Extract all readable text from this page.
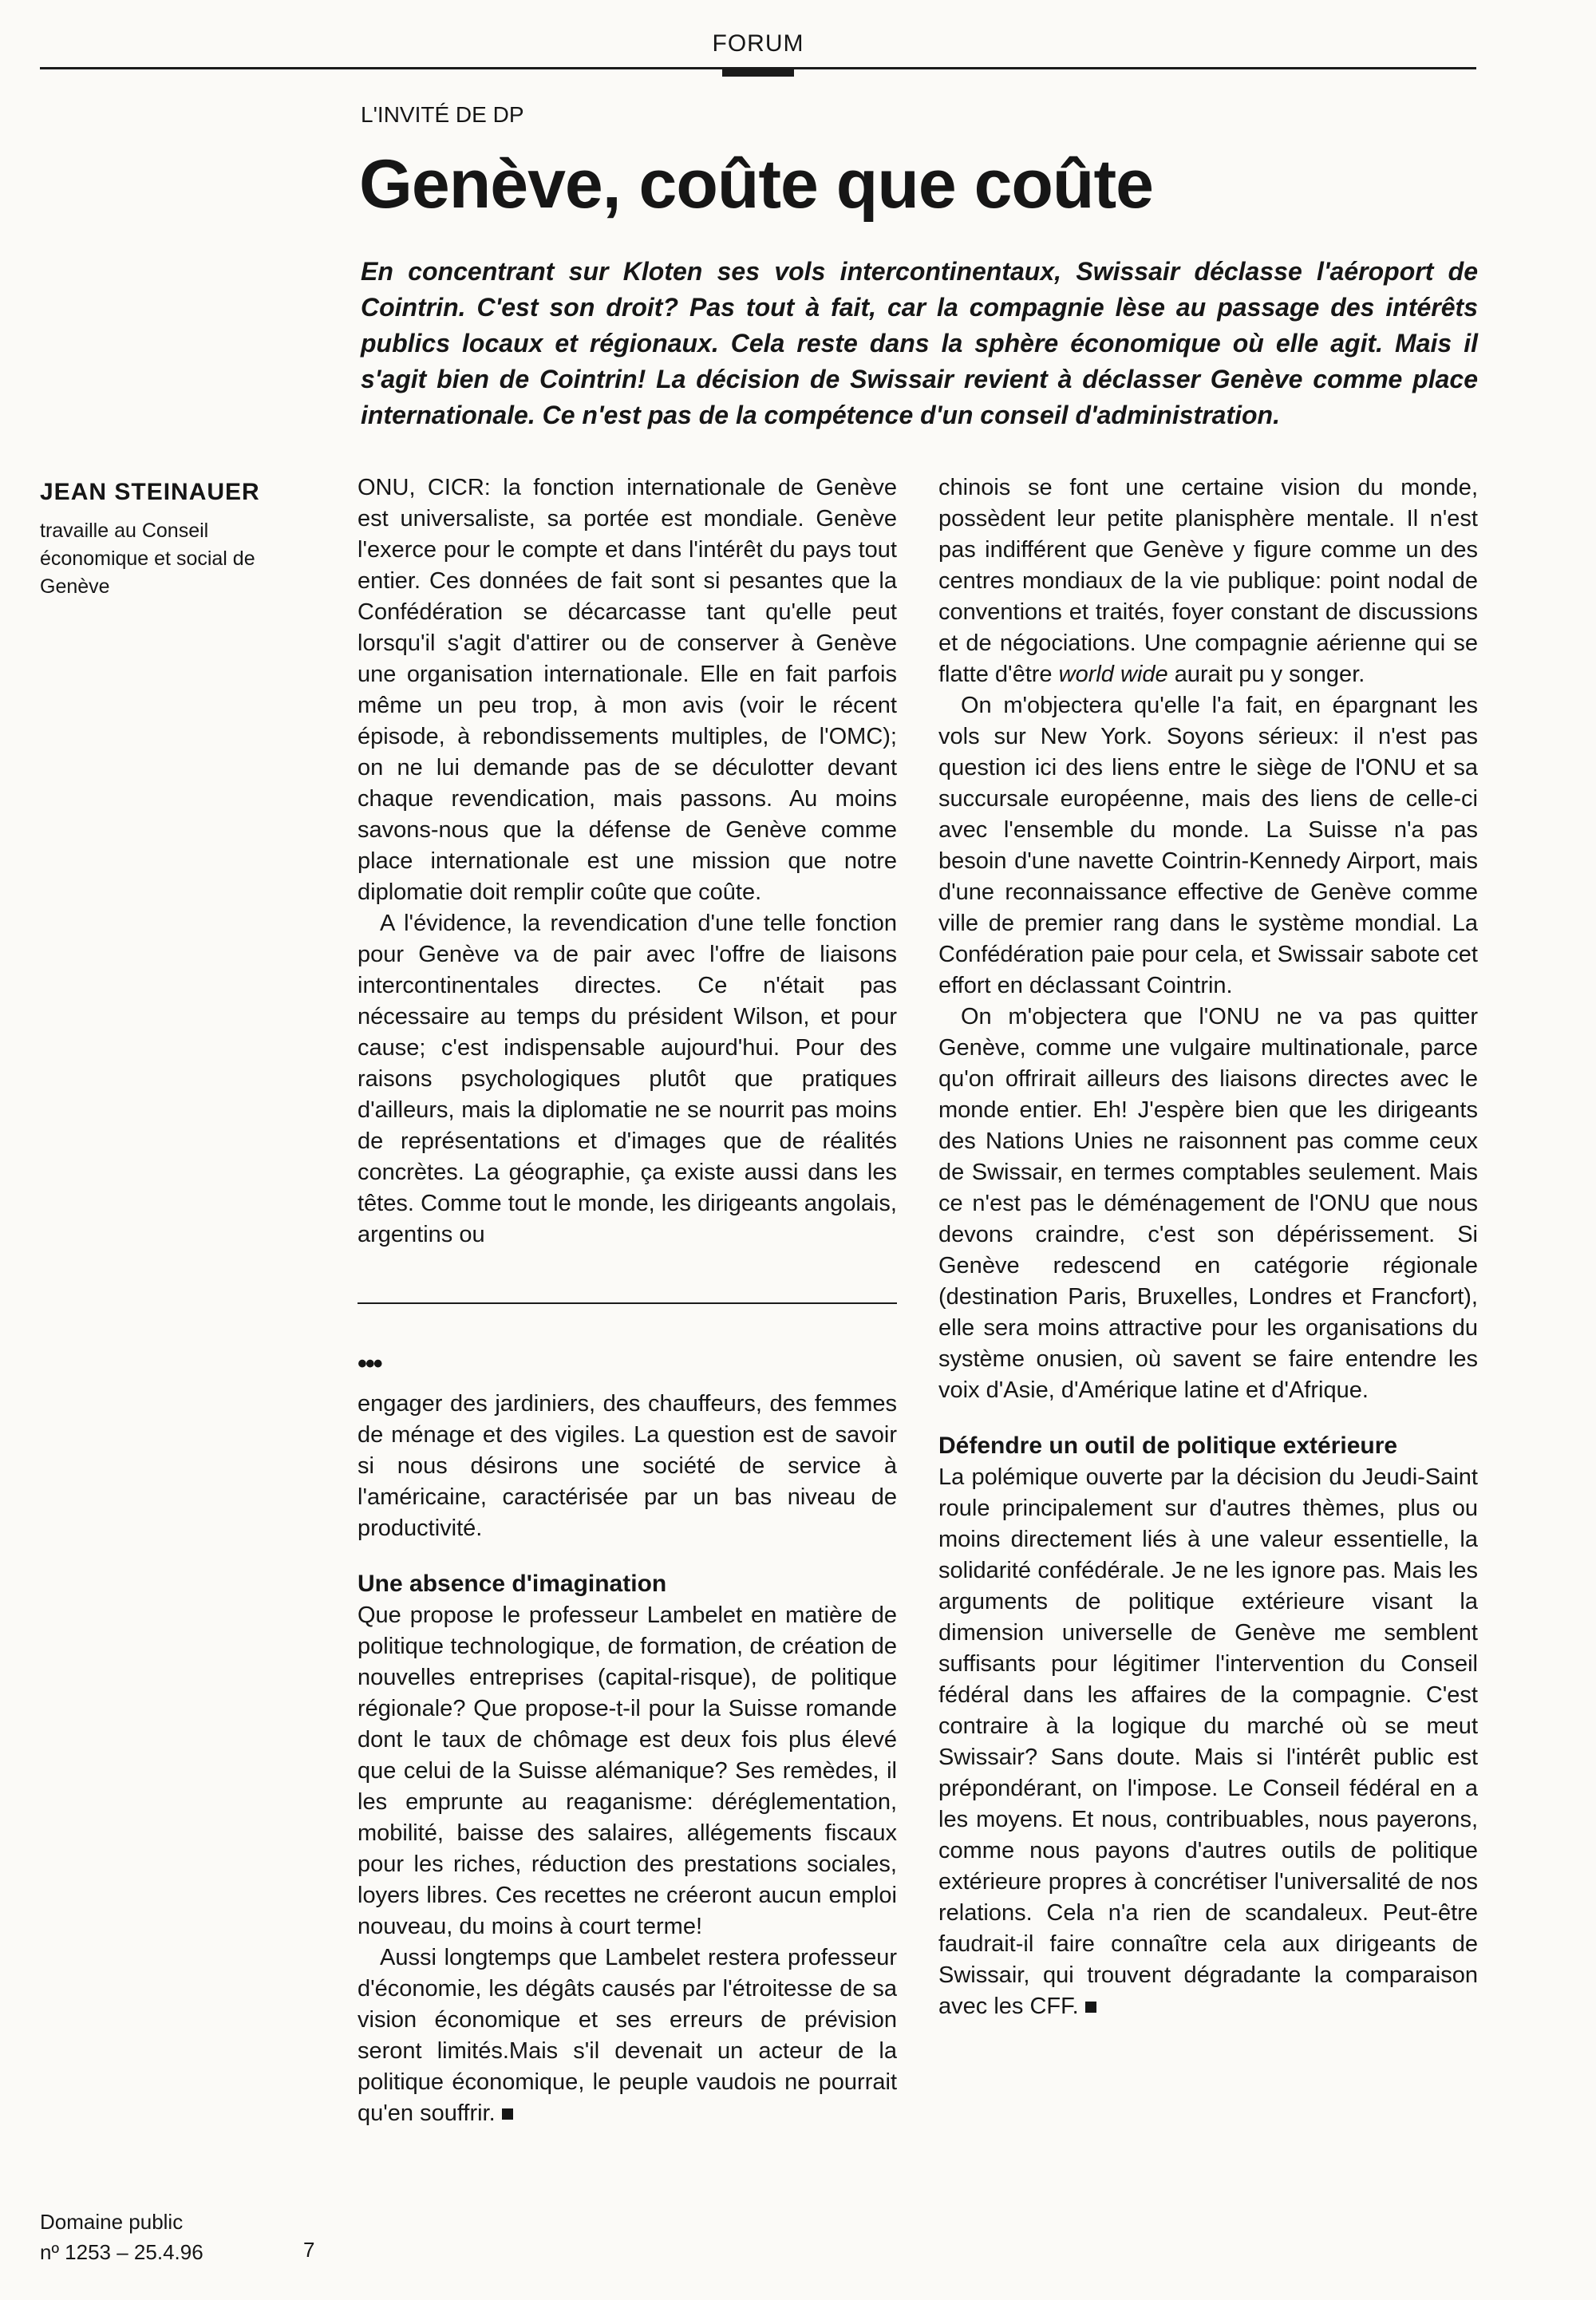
FORUM
L'INVITÉ DE DP
Genève, coûte que coûte

En concentrant sur Kloten ses vols intercontinentaux, Swissair déclasse l'aéroport de Cointrin. C'est son droit? Pas tout à fait, car la compagnie lèse au passage des intérêts publics locaux et régionaux. Cela reste dans la sphère économique où elle agit. Mais il s'agit bien de Cointrin! La décision de Swissair revient à déclasser Genève comme place internationale. Ce n'est pas de la compétence d'un conseil d'administration.

JEAN STEINAUER
travaille au Conseil économique et social de Genève

ONU, CICR: la fonction internationale de Genève est universaliste, sa portée est mondiale. Genève l'exerce pour le compte et dans l'intérêt du pays tout entier. Ces données de fait sont si pesantes que la Confédération se décarcasse tant qu'elle peut lorsqu'il s'agit d'attirer ou de conserver à Genève une organisation internationale. Elle en fait parfois même un peu trop, à mon avis (voir le récent épisode, à rebondissements multiples, de l'OMC); on ne lui demande pas de se déculotter devant chaque revendication, mais passons. Au moins savons-nous que la défense de Genève comme place internationale est une mission que notre diplomatie doit remplir coûte que coûte.

A l'évidence, la revendication d'une telle fonction pour Genève va de pair avec l'offre de liaisons intercontinentales directes. Ce n'était pas nécessaire au temps du président Wilson, et pour cause; c'est indispensable aujourd'hui. Pour des raisons psychologiques plutôt que pratiques d'ailleurs, mais la diplomatie ne se nourrit pas moins de représentations et d'images que de réalités concrètes. La géographie, ça existe aussi dans les têtes. Comme tout le monde, les dirigeants angolais, argentins ou

•••

engager des jardiniers, des chauffeurs, des femmes de ménage et des vigiles. La question est de savoir si nous désirons une société de service à l'américaine, caractérisée par un bas niveau de productivité.

Une absence d'imagination

Que propose le professeur Lambelet en matière de politique technologique, de formation, de création de nouvelles entreprises (capital-risque), de politique régionale? Que propose-t-il pour la Suisse romande dont le taux de chômage est deux fois plus élevé que celui de la Suisse alémanique? Ses remèdes, il les emprunte au reaganisme: déréglementation, mobilité, baisse des salaires, allégements fiscaux pour les riches, réduction des prestations sociales, loyers libres. Ces recettes ne créeront aucun emploi nouveau, du moins à court terme!

Aussi longtemps que Lambelet restera professeur d'économie, les dégâts causés par l'étroitesse de sa vision économique et ses erreurs de prévision seront limités.Mais s'il devenait un acteur de la politique économique, le peuple vaudois ne pourrait qu'en souffrir.

chinois se font une certaine vision du monde, possèdent leur petite planisphère mentale. Il n'est pas indifférent que Genève y figure comme un des centres mondiaux de la vie publique: point nodal de conventions et traités, foyer constant de discussions et de négociations. Une compagnie aérienne qui se flatte d'être world wide aurait pu y songer.

On m'objectera qu'elle l'a fait, en épargnant les vols sur New York. Soyons sérieux: il n'est pas question ici des liens entre le siège de l'ONU et sa succursale européenne, mais des liens de celle-ci avec l'ensemble du monde. La Suisse n'a pas besoin d'une navette Cointrin-Kennedy Airport, mais d'une reconnaissance effective de Genève comme ville de premier rang dans le système mondial. La Confédération paie pour cela, et Swissair sabote cet effort en déclassant Cointrin.

On m'objectera que l'ONU ne va pas quitter Genève, comme une vulgaire multinationale, parce qu'on offrirait ailleurs des liaisons directes avec le monde entier. Eh! J'espère bien que les dirigeants des Nations Unies ne raisonnent pas comme ceux de Swissair, en termes comptables seulement. Mais ce n'est pas le déménagement de l'ONU que nous devons craindre, c'est son dépérissement. Si Genève redescend en catégorie régionale (destination Paris, Bruxelles, Londres et Francfort), elle sera moins attractive pour les organisations du système onusien, où savent se faire entendre les voix d'Asie, d'Amérique latine et d'Afrique.

Défendre un outil de politique extérieure

La polémique ouverte par la décision du Jeudi-Saint roule principalement sur d'autres thèmes, plus ou moins directement liés à une valeur essentielle, la solidarité confédérale. Je ne les ignore pas. Mais les arguments de politique extérieure visant la dimension universelle de Genève me semblent suffisants pour légitimer l'intervention du Conseil fédéral dans les affaires de la compagnie. C'est contraire à la logique du marché où se meut Swissair? Sans doute. Mais si l'intérêt public est prépondérant, on l'impose. Le Conseil fédéral en a les moyens. Et nous, contribuables, nous payerons, comme nous payons d'autres outils de politique extérieure propres à concrétiser l'universalité de nos relations. Cela n'a rien de scandaleux. Peut-être faudrait-il faire connaître cela aux dirigeants de Swissair, qui trouvent dégradante la comparaison avec les CFF.

Domaine public
nº 1253 – 25.4.96	7
